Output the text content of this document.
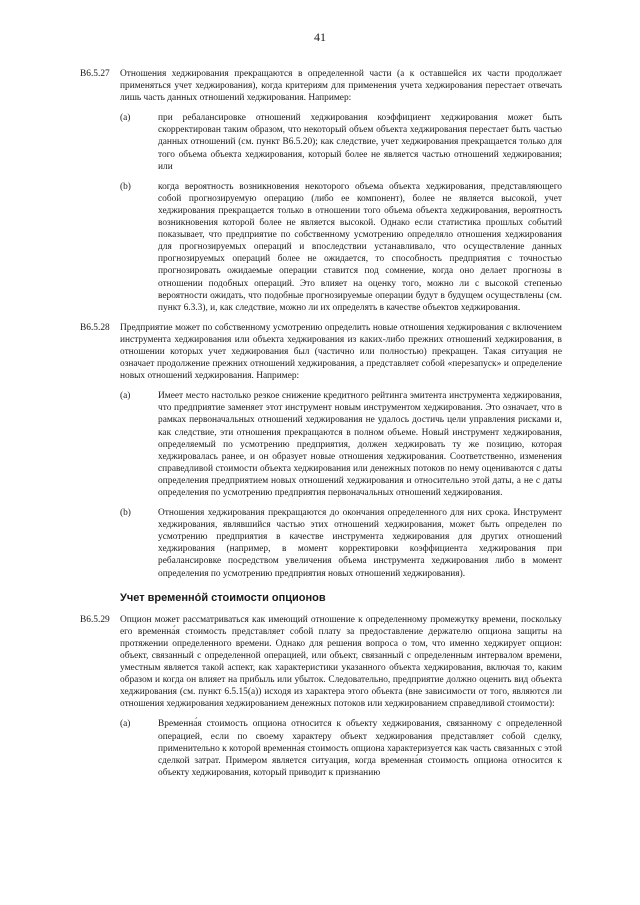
41
B6.5.27	Отношения хеджирования прекращаются в определенной части (а к оставшейся их части продолжает применяться учет хеджирования), когда критериям для применения учета хеджирования перестает отвечать лишь часть данных отношений хеджирования. Например:

(a)	при ребалансировке отношений хеджирования коэффициент хеджирования может быть скорректирован таким образом, что некоторый объем объекта хеджирования перестает быть частью данных отношений (см. пункт B6.5.20); как следствие, учет хеджирования прекращается только для того объема объекта хеджирования, который более не является частью отношений хеджирования; или

(b)	когда вероятность возникновения некоторого объема объекта хеджирования, представляющего собой прогнозируемую операцию (либо ее компонент), более не является высокой, учет хеджирования прекращается только в отношении того объема объекта хеджирования, вероятность возникновения которой более не является высокой. Однако если статистика прошлых событий показывает, что предприятие по собственному усмотрению определяло отношения хеджирования для прогнозируемых операций и впоследствии устанавливало, что осуществление данных прогнозируемых операций более не ожидается, то способность предприятия с точностью прогнозировать ожидаемые операции ставится под сомнение, когда оно делает прогнозы в отношении подобных операций. Это влияет на оценку того, можно ли с высокой степенью вероятности ожидать, что подобные прогнозируемые операции будут в будущем осуществлены (см. пункт 6.3.3), и, как следствие, можно ли их определять в качестве объектов хеджирования.

B6.5.28	Предприятие может по собственному усмотрению определить новые отношения хеджирования с включением инструмента хеджирования или объекта хеджирования из каких-либо прежних отношений хеджирования, в отношении которых учет хеджирования был (частично или полностью) прекращен. Такая ситуация не означает продолжение прежних отношений хеджирования, а представляет собой «перезапуск» и определение новых отношений хеджирования. Например:

(a)	Имеет место настолько резкое снижение кредитного рейтинга эмитента инструмента хеджирования, что предприятие заменяет этот инструмент новым инструментом хеджирования. Это означает, что в рамках первоначальных отношений хеджирования не удалось достичь цели управления рисками и, как следствие, эти отношения прекращаются в полном объеме. Новый инструмент хеджирования, определяемый по усмотрению предприятия, должен хеджировать ту же позицию, которая хеджировалась ранее, и он образует новые отношения хеджирования. Соответственно, изменения справедливой стоимости объекта хеджирования или денежных потоков по нему оцениваются с даты определения предприятием новых отношений хеджирования и относительно этой даты, а не с даты определения по усмотрению предприятия первоначальных отношений хеджирования.

(b)	Отношения хеджирования прекращаются до окончания определенного для них срока. Инструмент хеджирования, являвшийся частью этих отношений хеджирования, может быть определен по усмотрению предприятия в качестве инструмента хеджирования для других отношений хеджирования (например, в момент корректировки коэффициента хеджирования при ребалансировке посредством увеличения объема инструмента хеджирования либо в момент определения по усмотрению предприятия новых отношений хеджирования).

Учет временно́й стоимости опционов
B6.5.29	Опцион может рассматриваться как имеющий отношение к определенному промежутку времени, поскольку его временна́я стоимость представляет собой плату за предоставление держателю опциона защиты на протяжении определенного времени. Однако для решения вопроса о том, что именно хеджирует опцион: объект, связанный с определенной операцией, или объект, связанный с определенным интервалом времени, уместным является такой аспект, как характеристики указанного объекта хеджирования, включая то, каким образом и когда он влияет на прибыль или убыток. Следовательно, предприятие должно оценить вид объекта хеджирования (см. пункт 6.5.15(a)) исходя из характера этого объекта (вне зависимости от того, являются ли отношения хеджирования хеджированием денежных потоков или хеджированием справедливой стоимости):

(a)	Временна́я стоимость опциона относится к объекту хеджирования, связанному с определенной операцией, если по своему характеру объект хеджирования представляет собой сделку, применительно к которой временна́я стоимость опциона характеризуется как часть связанных с этой сделкой затрат. Примером является ситуация, когда временна́я стоимость опциона относится к объекту хеджирования, который приводит к признанию
